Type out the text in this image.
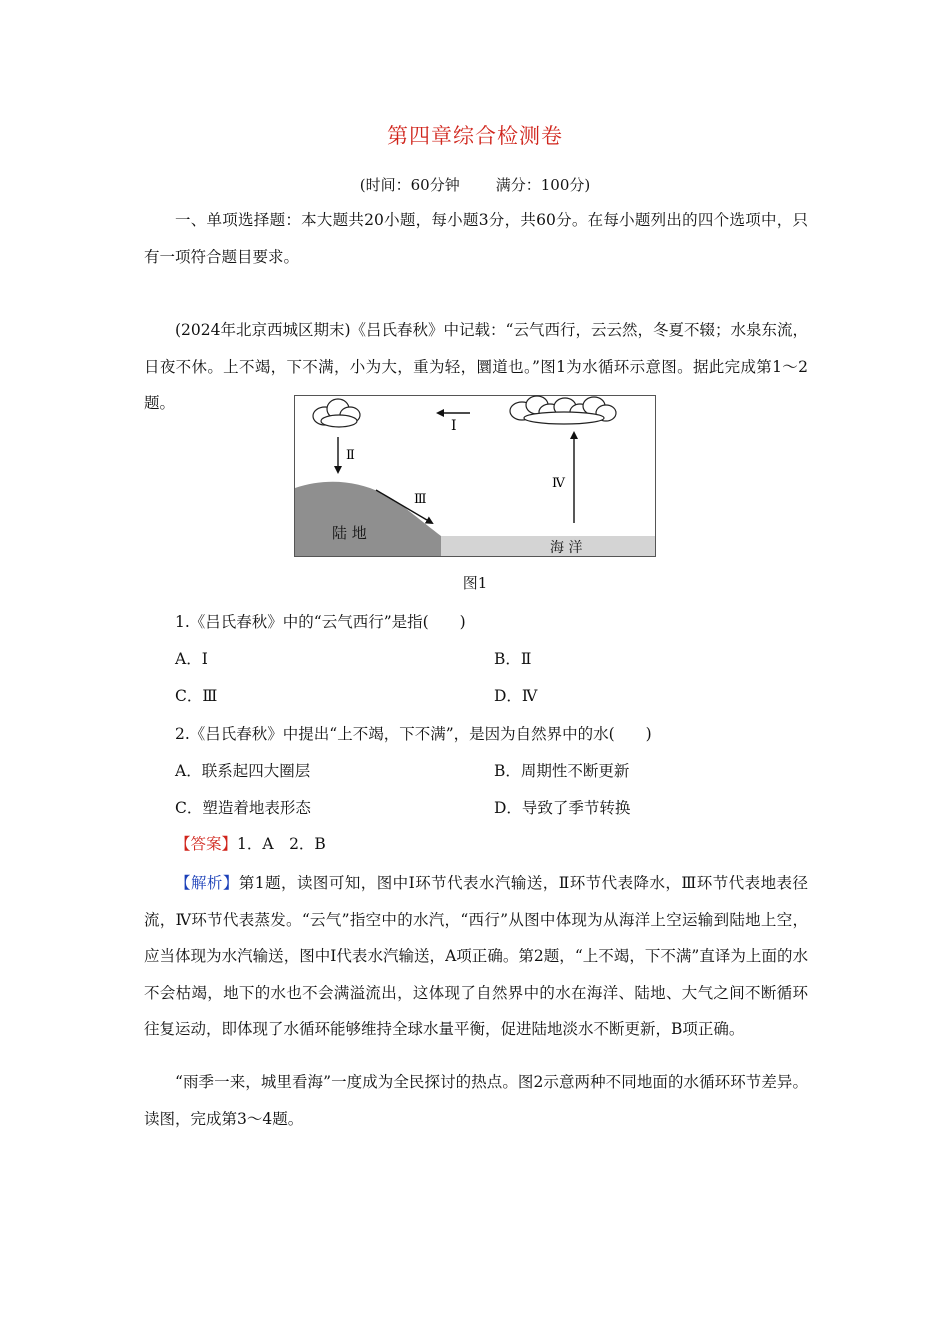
第四章综合检测卷
(时间：60分钟 满分：100分)

一、单项选择题：本大题共20小题，每小题3分，共60分。在每小题列出的四个选项中，只有一项符合题目要求。

(2024年北京西城区期末)《吕氏春秋》中记载：“云气西行，云云然，冬夏不辍；水泉东流，日夜不休。上不竭，下不满，小为大，重为轻，圜道也。”图1为水循环示意图。据此完成第1～2题。

Ⅰ
Ⅱ
Ⅲ
Ⅳ
陆 地
海 洋
图1

1.《吕氏春秋》中的“云气西行”是指(　　)

A．Ⅰ	B．Ⅱ

C．Ⅲ	D．Ⅳ

2.《吕氏春秋》中提出“上不竭，下不满”，是因为自然界中的水(　　)

A．联系起四大圈层	B．周期性不断更新

C．塑造着地表形态	D．导致了季节转换

【答案】1．A　2．B

【解析】第1题，读图可知，图中Ⅰ环节代表水汽输送，Ⅱ环节代表降水，Ⅲ环节代表地表径流，Ⅳ环节代表蒸发。“云气”指空中的水汽，“西行”从图中体现为从海洋上空运输到陆地上空，应当体现为水汽输送，图中Ⅰ代表水汽输送，A项正确。第2题，“上不竭，下不满”直译为上面的水不会枯竭，地下的水也不会满溢流出，这体现了自然界中的水在海洋、陆地、大气之间不断循环往复运动，即体现了水循环能够维持全球水量平衡，促进陆地淡水不断更新，B项正确。

“雨季一来，城里看海”一度成为全民探讨的热点。图2示意两种不同地面的水循环环节差异。读图，完成第3～4题。
